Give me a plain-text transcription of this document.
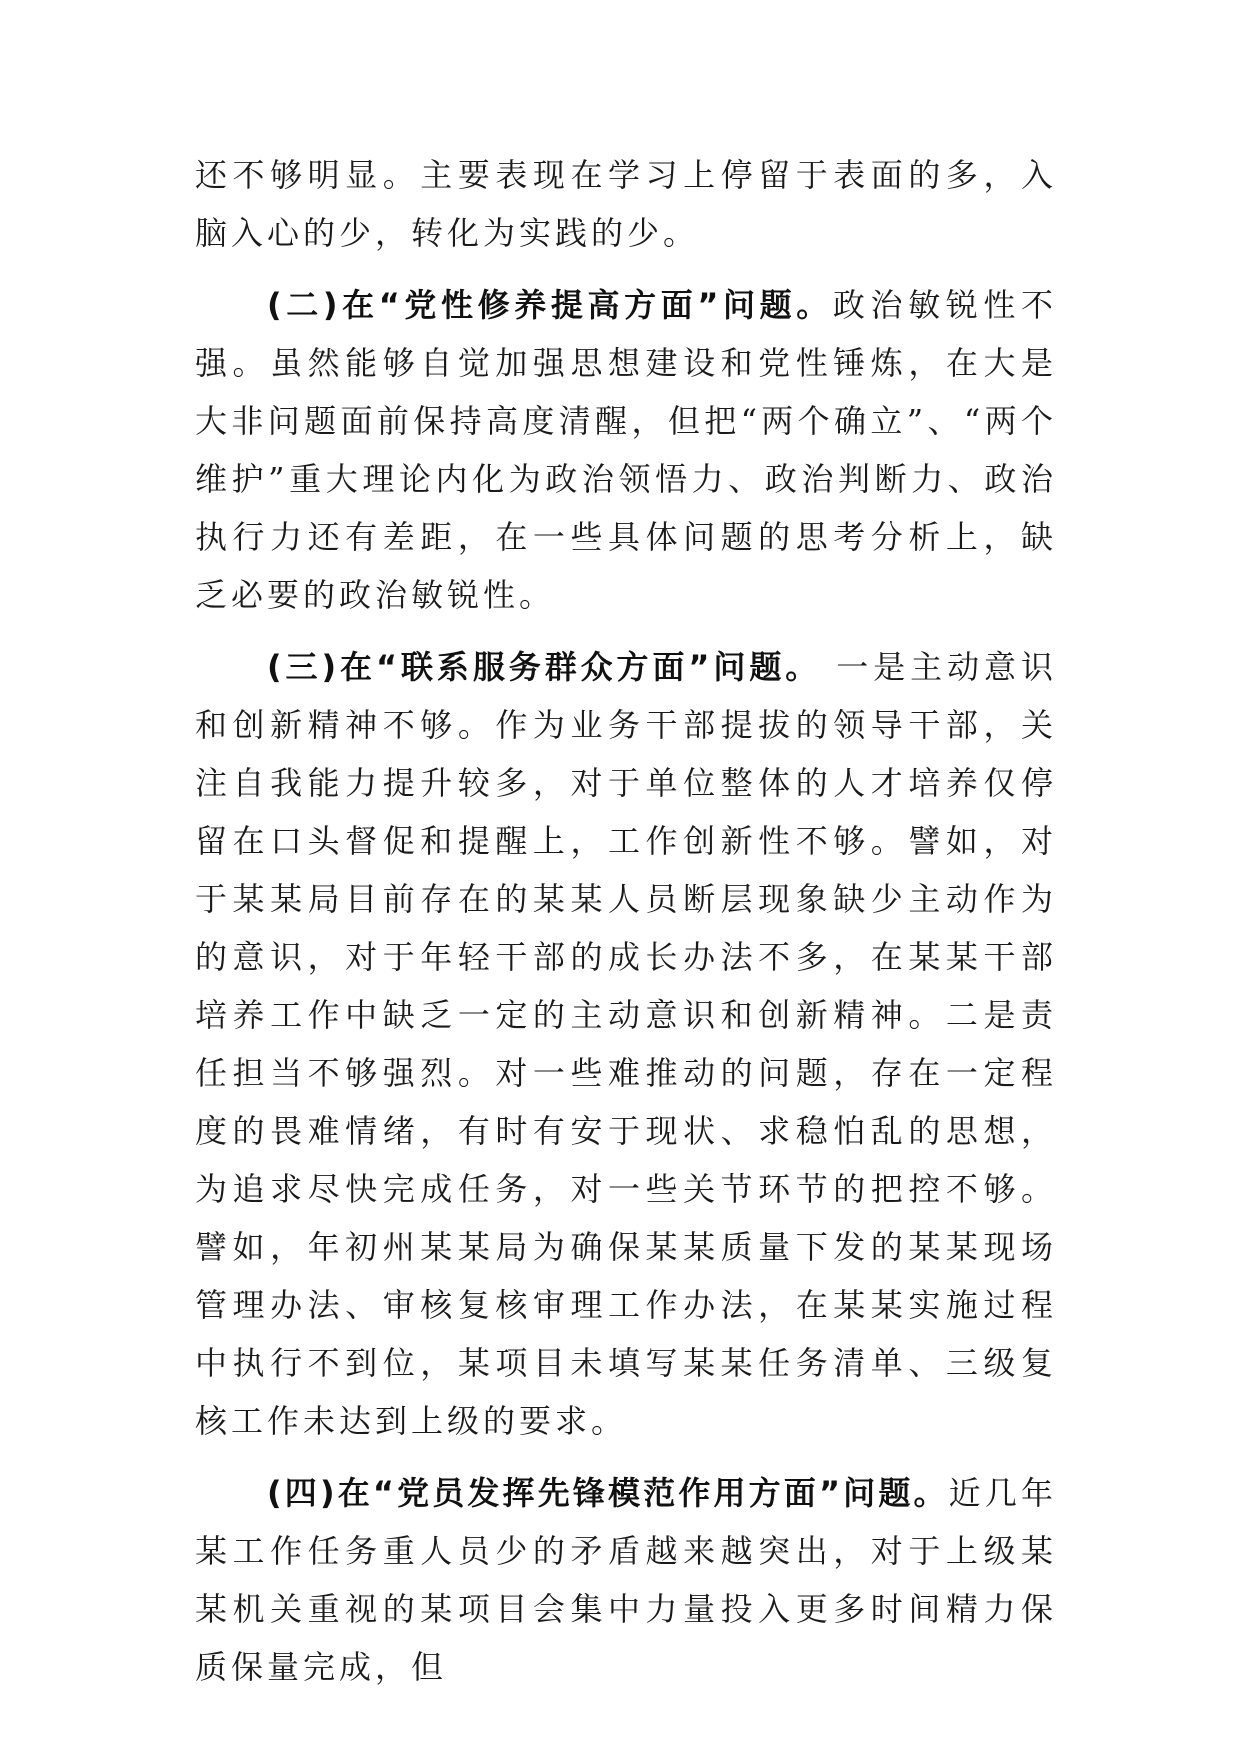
还不够明显。主要表现在学习上停留于表面的多，入脑入心的少，转化为实践的少。

(二)在“党性修养提高方面”问题。政治敏锐性不强。虽然能够自觉加强思想建设和党性锤炼，在大是大非问题面前保持高度清醒，但把“两个确立”、“两个维护”重大理论内化为政治领悟力、政治判断力、政治执行力还有差距，在一些具体问题的思考分析上，缺乏必要的政治敏锐性。

(三)在“联系服务群众方面”问题。 一是主动意识和创新精神不够。作为业务干部提拔的领导干部，关注自我能力提升较多，对于单位整体的人才培养仅停留在口头督促和提醒上，工作创新性不够。譬如，对于某某局目前存在的某某人员断层现象缺少主动作为的意识，对于年轻干部的成长办法不多，在某某干部培养工作中缺乏一定的主动意识和创新精神。二是责任担当不够强烈。对一些难推动的问题，存在一定程度的畏难情绪，有时有安于现状、求稳怕乱的思想，为追求尽快完成任务，对一些关节环节的把控不够。譬如，年初州某某局为确保某某质量下发的某某现场管理办法、审核复核审理工作办法，在某某实施过程中执行不到位，某项目未填写某某任务清单、三级复核工作未达到上级的要求。

(四)在“党员发挥先锋模范作用方面”问题。近几年某工作任务重人员少的矛盾越来越突出，对于上级某某机关重视的某项目会集中力量投入更多时间精力保质保量完成，但
